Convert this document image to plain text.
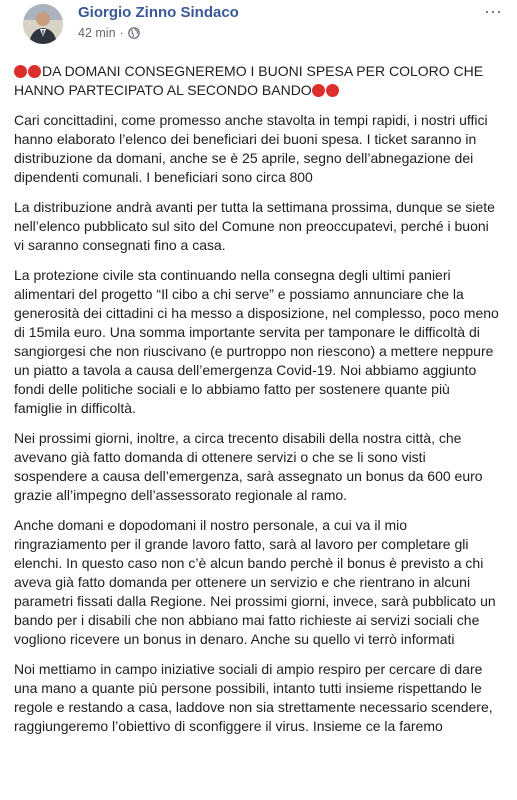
Giorgio Zinno Sindaco
42 min ·
···
DA DOMANI CONSEGNEREMO I BUONI SPESA PER COLORO CHE HANNO PARTECIPATO AL SECONDO BANDO
Cari concittadini, come promesso anche stavolta in tempi rapidi, i nostri uffici hanno elaborato l’elenco dei beneficiari dei buoni spesa. I ticket saranno in distribuzione da domani, anche se è 25 aprile, segno dell’abnegazione dei dipendenti comunali. I beneficiari sono circa 800
La distribuzione andrà avanti per tutta la settimana prossima, dunque se siete nell’elenco pubblicato sul sito del Comune non preoccupatevi, perché i buoni vi saranno consegnati fino a casa.
La protezione civile sta continuando nella consegna degli ultimi panieri alimentari del progetto “Il cibo a chi serve” e possiamo annunciare che la generosità dei cittadini ci ha messo a disposizione, nel complesso, poco meno di 15mila euro. Una somma importante servita per tamponare le difficoltà di sangiorgesi che non riuscivano (e purtroppo non riescono) a mettere neppure un piatto a tavola a causa dell’emergenza Covid-19. Noi abbiamo aggiunto fondi delle politiche sociali e lo abbiamo fatto per sostenere quante più famiglie in difficoltà.
Nei prossimi giorni, inoltre, a circa trecento disabili della nostra città, che avevano già fatto domanda di ottenere servizi o che se li sono visti sospendere a causa dell’emergenza, sarà assegnato un bonus da 600 euro grazie all’impegno dell’assessorato regionale al ramo.
Anche domani e dopodomani il nostro personale, a cui va il mio ringraziamento per il grande lavoro fatto, sarà al lavoro per completare gli elenchi. In questo caso non c’è alcun bando perchè il bonus è previsto a chi aveva già fatto domanda per ottenere un servizio e che rientrano in alcuni parametri fissati dalla Regione. Nei prossimi giorni, invece, sarà pubblicato un bando per i disabili che non abbiano mai fatto richieste ai servizi sociali che vogliono ricevere un bonus in denaro. Anche su quello vi terrò informati
Noi mettiamo in campo iniziative sociali di ampio respiro per cercare di dare una mano a quante più persone possibili, intanto tutti insieme rispettando le regole e restando a casa, laddove non sia strettamente necessario scendere, raggiungeremo l’obiettivo di sconfiggere il virus. Insieme ce la faremo
